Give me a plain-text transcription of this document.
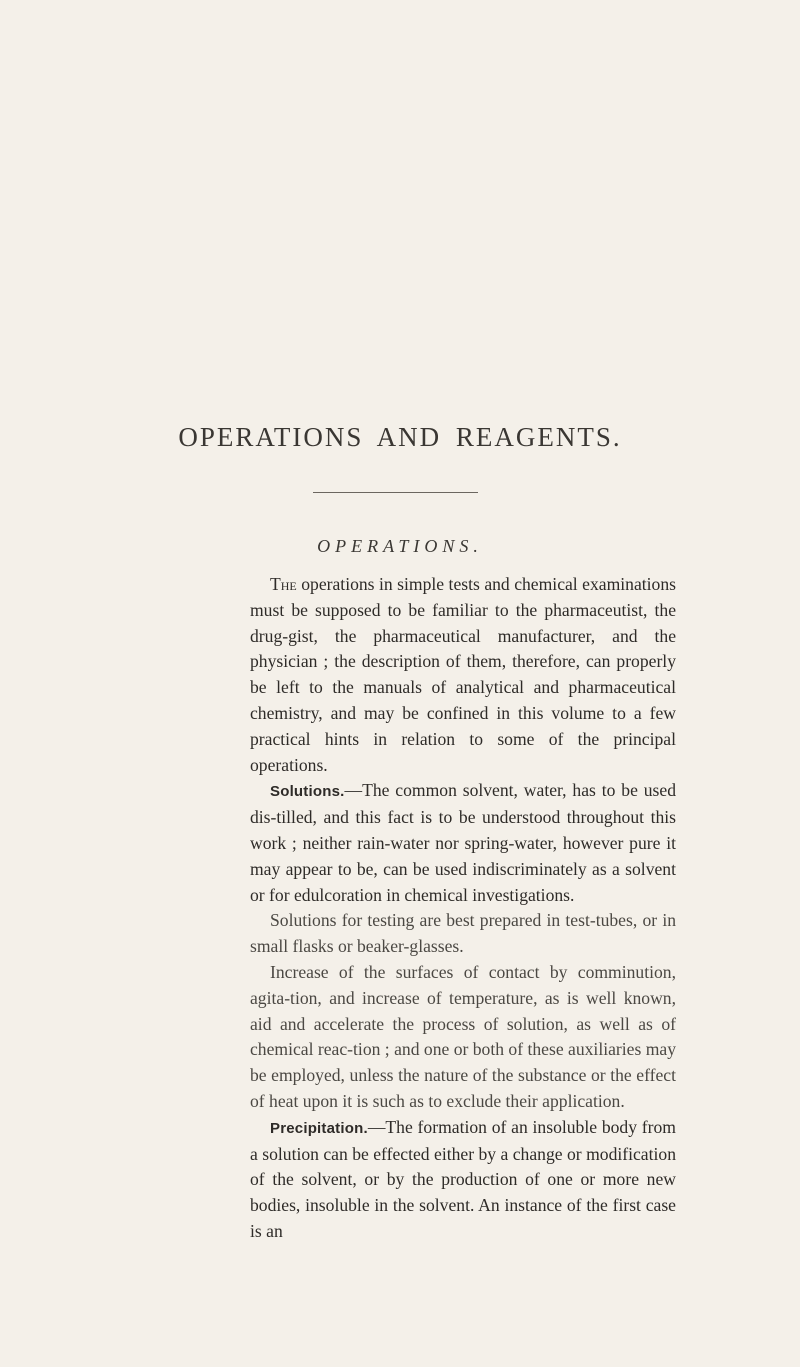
OPERATIONS AND REAGENTS.
OPERATIONS.

The operations in simple tests and chemical examinations must be supposed to be familiar to the pharmaceutist, the drug-gist, the pharmaceutical manufacturer, and the physician ; the description of them, therefore, can properly be left to the manuals of analytical and pharmaceutical chemistry, and may be confined in this volume to a few practical hints in relation to some of the principal operations.

Solutions.—The common solvent, water, has to be used dis-tilled, and this fact is to be understood throughout this work ; neither rain-water nor spring-water, however pure it may appear to be, can be used indiscriminately as a solvent or for edulcoration in chemical investigations.

Solutions for testing are best prepared in test-tubes, or in small flasks or beaker-glasses.

Increase of the surfaces of contact by comminution, agita-tion, and increase of temperature, as is well known, aid and accelerate the process of solution, as well as of chemical reac-tion ; and one or both of these auxiliaries may be employed, unless the nature of the substance or the effect of heat upon it is such as to exclude their application.

Precipitation.—The formation of an insoluble body from a solution can be effected either by a change or modification of the solvent, or by the production of one or more new bodies, insoluble in the solvent. An instance of the first case is an
